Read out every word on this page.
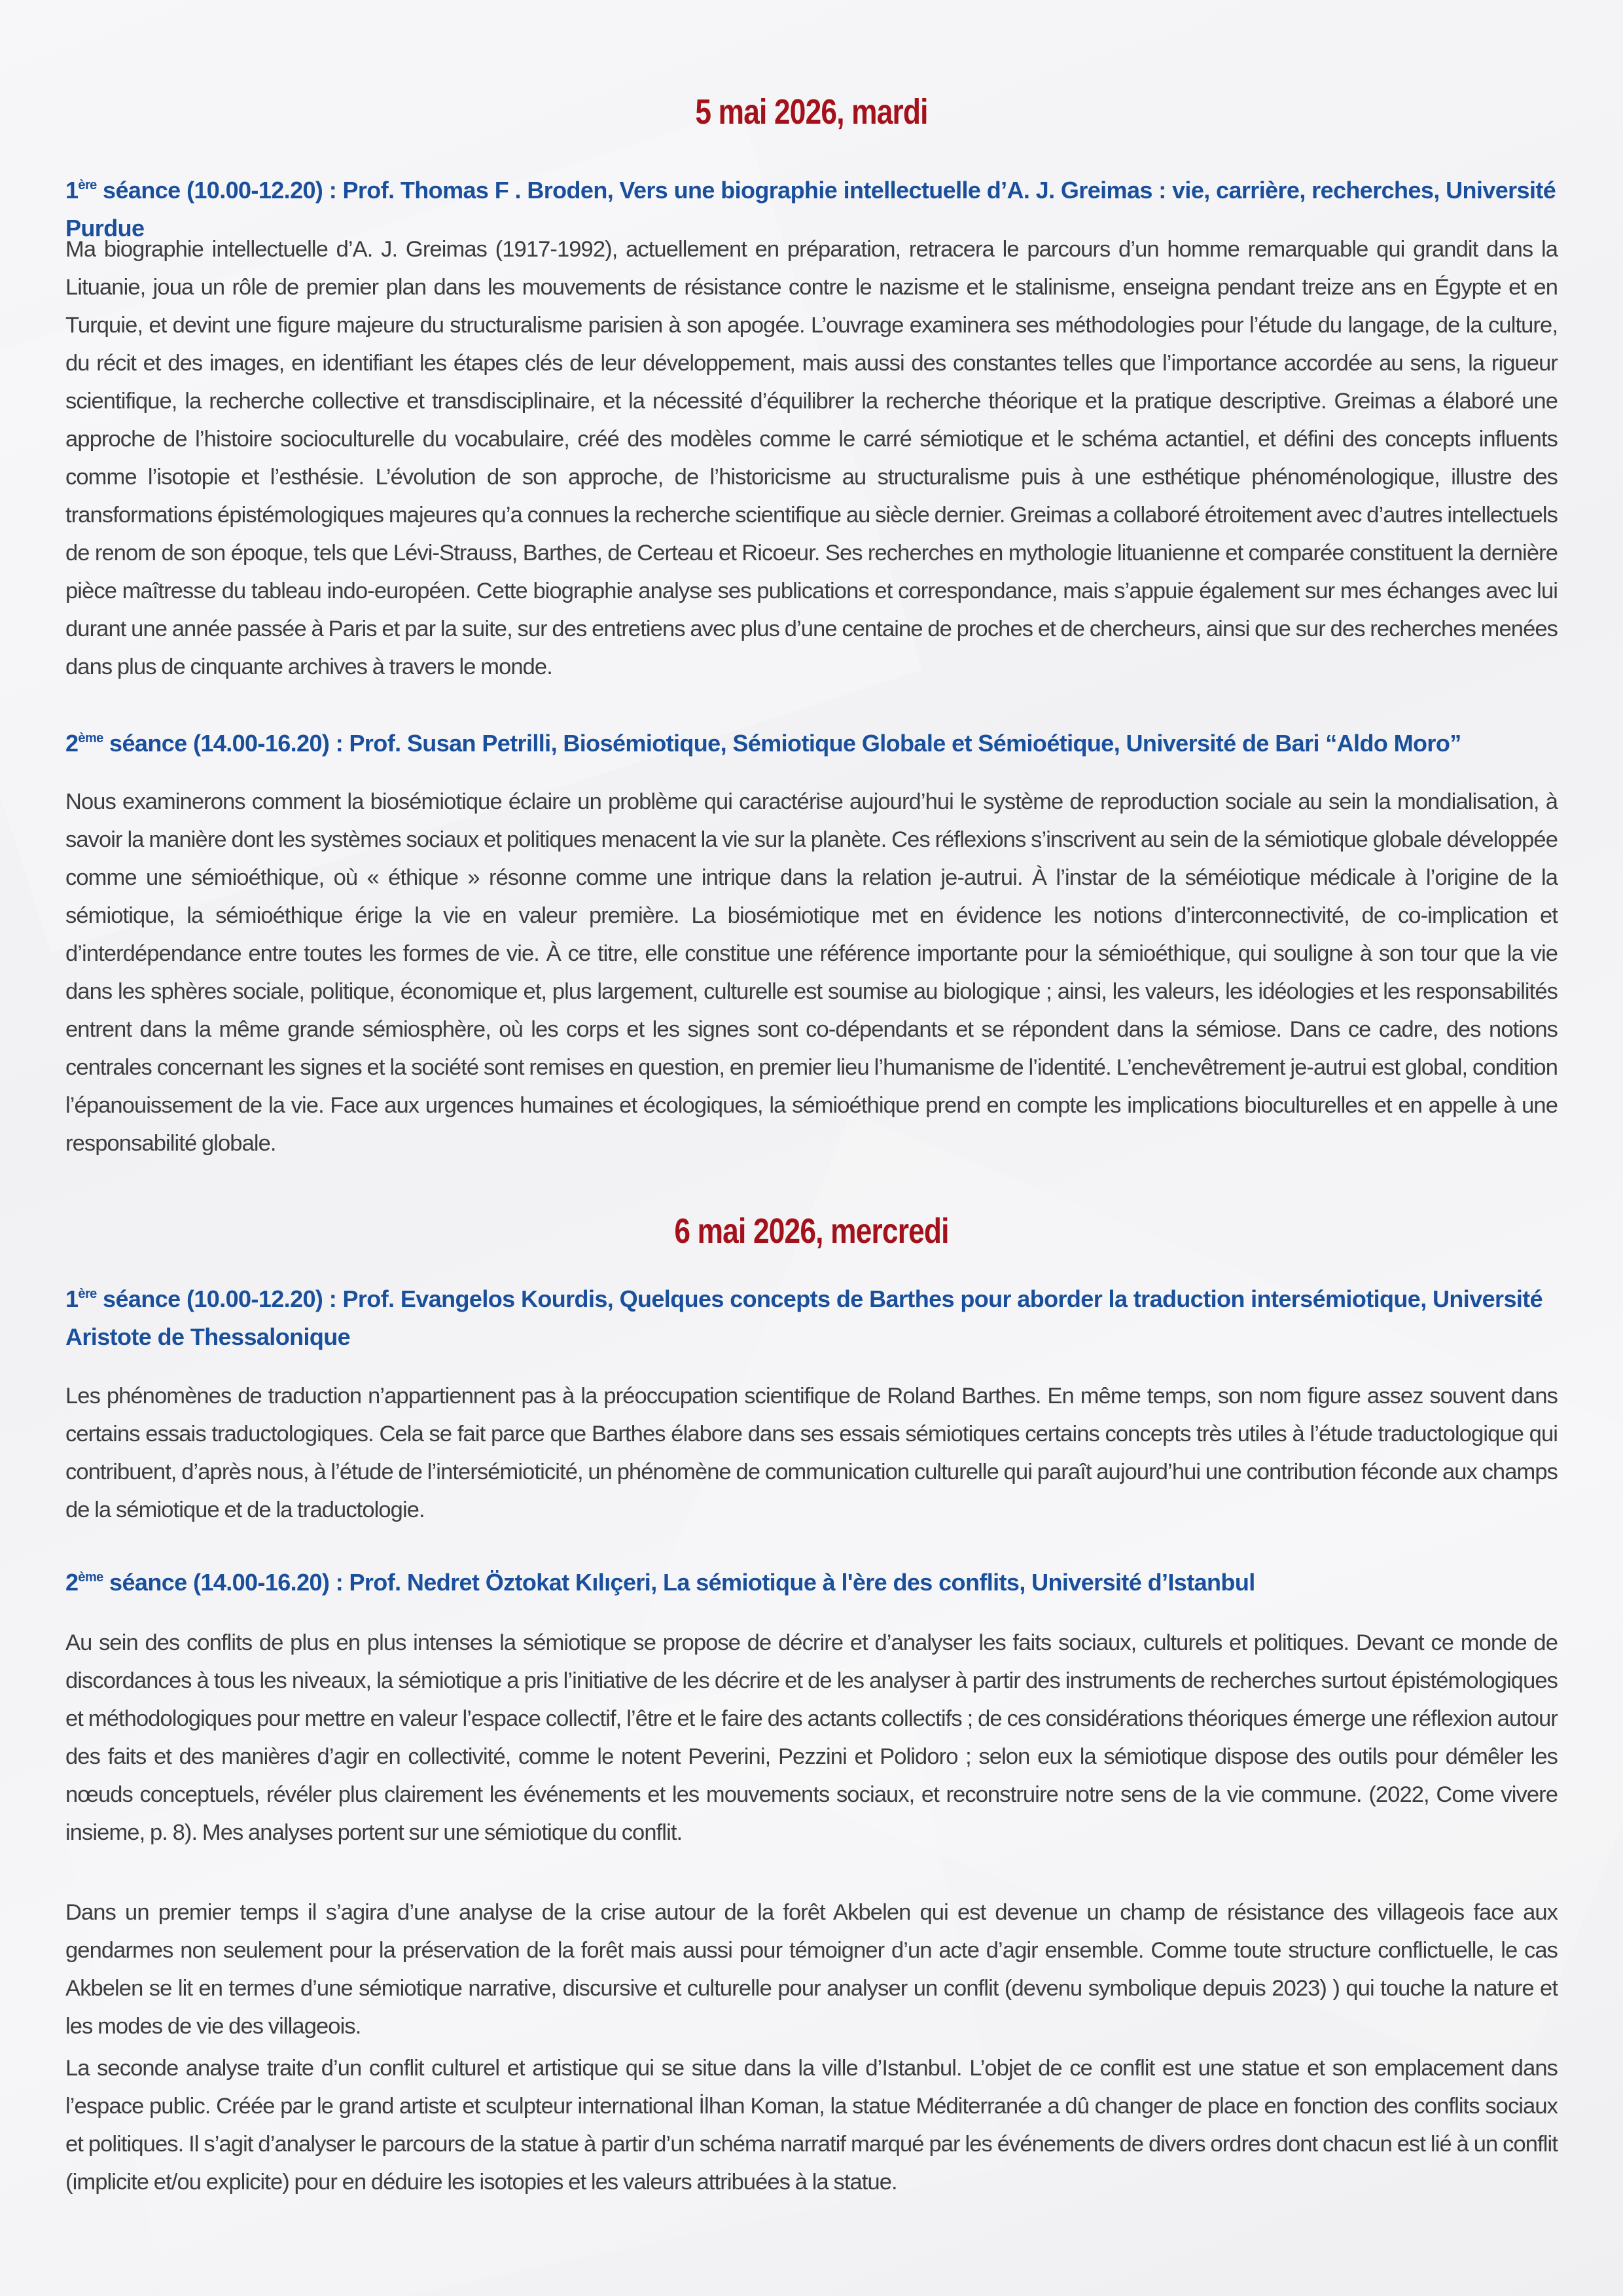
5 mai 2026, mardi

1ère séance (10.00-12.20) : Prof. Thomas F . Broden, Vers une biographie intellectuelle d’A. J. Greimas : vie, carrière, recherches, Université Purdue

Ma biographie intellectuelle d’A. J. Greimas (1917-1992), actuellement en préparation, retracera le parcours d’un homme remarquable qui grandit dans la Lituanie, joua un rôle de premier plan dans les mouvements de résistance contre le nazisme et le stalinisme, enseigna pendant treize ans en Égypte et en Turquie, et devint une figure majeure du structuralisme parisien à son apogée. L’ouvrage examinera ses méthodologies pour l’étude du langage, de la culture, du récit et des images, en identifiant les étapes clés de leur développement, mais aussi des constantes telles que l’importance accordée au sens, la rigueur scientifique, la recherche collective et transdisciplinaire, et la nécessité d’équilibrer la recherche théorique et la pratique descriptive. Greimas a élaboré une approche de l’histoire socioculturelle du vocabulaire, créé des modèles comme le carré sémiotique et le schéma actantiel, et défini des concepts influents comme l’isotopie et l’esthésie. L’évolution de son approche, de l’historicisme au structuralisme puis à une esthétique phénoménologique, illustre des transformations épistémologiques majeures qu’a connues la recherche scientifique au siècle dernier. Greimas a collaboré étroitement avec d’autres intellectuels de renom de son époque, tels que Lévi-Strauss, Barthes, de Certeau et Ricoeur. Ses recherches en mythologie lituanienne et comparée constituent la dernière pièce maîtresse du tableau indo-européen. Cette biographie analyse ses publications et correspondance, mais s’appuie également sur mes échanges avec lui durant une année passée à Paris et par la suite, sur des entretiens avec plus d’une centaine de proches et de chercheurs, ainsi que sur des recherches menées dans plus de cinquante archives à travers le monde.

2ème séance (14.00-16.20) : Prof. Susan Petrilli, Biosémiotique, Sémiotique Globale et Sémioétique, Université de Bari “Aldo Moro”

Nous examinerons comment la biosémiotique éclaire un problème qui caractérise aujourd’hui le système de reproduction sociale au sein la mondialisation, à savoir la manière dont les systèmes sociaux et politiques menacent la vie sur la planète. Ces réflexions s’inscrivent au sein de la sémiotique globale développée comme une sémioéthique, où « éthique » résonne comme une intrique dans la relation je-autrui. À l’instar de la séméiotique médicale à l’origine de la sémiotique, la sémioéthique érige la vie en valeur première. La biosémiotique met en évidence les notions d’interconnectivité, de co-implication et d’interdépendance entre toutes les formes de vie. À ce titre, elle constitue une référence importante pour la sémioéthique, qui souligne à son tour que la vie dans les sphères sociale, politique, économique et, plus largement, culturelle est soumise au biologique ; ainsi, les valeurs, les idéologies et les responsabilités entrent dans la même grande sémiosphère, où les corps et les signes sont co-dépendants et se répondent dans la sémiose. Dans ce cadre, des notions centrales concernant les signes et la société sont remises en question, en premier lieu l’humanisme de l’identité. L’enchevêtrement je-autrui est global, condition l’épanouissement de la vie. Face aux urgences humaines et écologiques, la sémioéthique prend en compte les implications bioculturelles et en appelle à une responsabilité globale.

6 mai 2026, mercredi

1ère séance (10.00-12.20) : Prof. Evangelos Kourdis, Quelques concepts de Barthes pour aborder la traduction intersémiotique, Université Aristote de Thessalonique

Les phénomènes de traduction n’appartiennent pas à la préoccupation scientifique de Roland Barthes. En même temps, son nom figure assez souvent dans certains essais traductologiques. Cela se fait parce que Barthes élabore dans ses essais sémiotiques certains concepts très utiles à l’étude traductologique qui contribuent, d’après nous, à l’étude de l’intersémioticité, un phénomène de communication culturelle qui paraît aujourd’hui une contribution féconde aux champs de la sémiotique et de la traductologie.

2ème séance (14.00-16.20) : Prof. Nedret Öztokat Kılıçeri, La sémiotique à l'ère des conflits, Université d’Istanbul

Au sein des conflits de plus en plus intenses la sémiotique se propose de décrire et d’analyser les faits sociaux, culturels et politiques. Devant ce monde de discordances à tous les niveaux, la sémiotique a pris l’initiative de les décrire et de les analyser à partir des instruments de recherches surtout épistémologiques et méthodologiques pour mettre en valeur l’espace collectif, l’être et le faire des actants collectifs ; de ces considérations théoriques émerge une réflexion autour des faits et des manières d’agir en collectivité, comme le notent Peverini, Pezzini et Polidoro ; selon eux la sémiotique dispose des outils pour démêler les nœuds conceptuels, révéler plus clairement les événements et les mouvements sociaux, et reconstruire notre sens de la vie commune. (2022, Come vivere insieme, p. 8). Mes analyses portent sur une sémiotique du conflit.

Dans un premier temps il s’agira d’une analyse de la crise autour de la forêt Akbelen qui est devenue un champ de résistance des villageois face aux gendarmes non seulement pour la préservation de la forêt mais aussi pour témoigner d’un acte d’agir ensemble. Comme toute structure conflictuelle, le cas Akbelen se lit en termes d’une sémiotique narrative, discursive et culturelle pour analyser un conflit (devenu symbolique depuis 2023) ) qui touche la nature et les modes de vie des villageois.

La seconde analyse traite d’un conflit culturel et artistique qui se situe dans la ville d’Istanbul. L’objet de ce conflit est une statue et son emplacement dans l’espace public. Créée par le grand artiste et sculpteur international İlhan Koman, la statue Méditerranée a dû changer de place en fonction des conflits sociaux et politiques. Il s’agit d’analyser le parcours de la statue à partir d’un schéma narratif marqué par les événements de divers ordres dont chacun est lié à un conflit (implicite et/ou explicite) pour en déduire les isotopies et les valeurs attribuées à la statue.
